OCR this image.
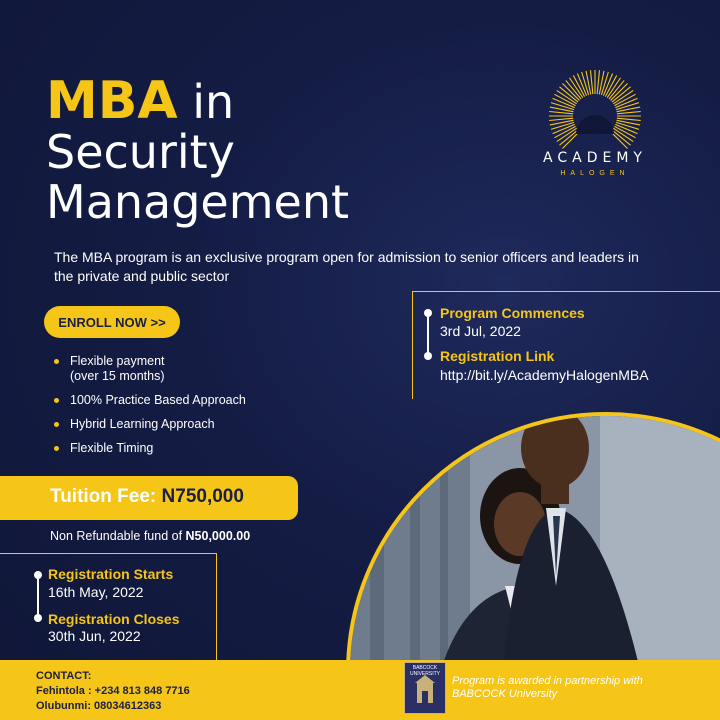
MBA in
Security
Management
ACADEMY
HALOGEN
The MBA program is an exclusive program open for admission to senior officers and leaders in the private and public sector
ENROLL NOW >>
Flexible payment
(over 15 months)
100% Practice Based Approach
Hybrid Learning Approach
Flexible Timing
Tuition Fee: N750,000
Non Refundable fund of N50,000.00
Program Commences
3rd Jul, 2022
Registration Link
http://bit.ly/AcademyHalogenMBA
Registration Starts
16th May, 2022
Registration Closes
30th Jun, 2022
CONTACT:
Fehintola : +234 813 848 7716
Olubunmi: 08034612363
BABCOCK UNIVERSITY
Program is awarded in partnership with
BABCOCK University
